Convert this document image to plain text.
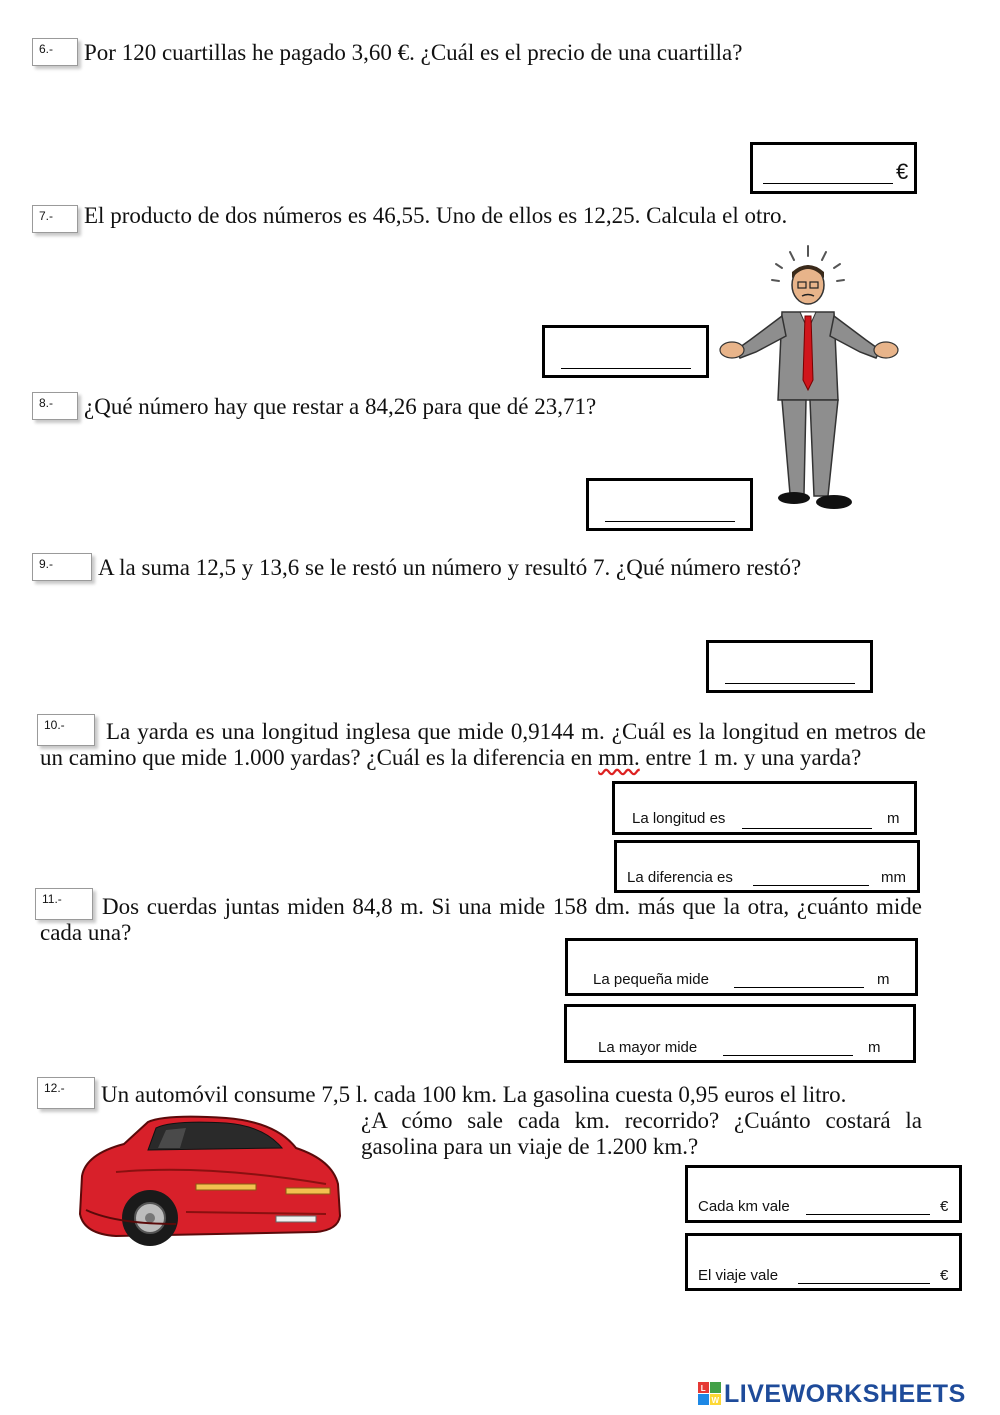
6.-	Por 120 cuartillas he pagado 3,60 €. ¿Cuál es el precio de una cuartilla?
€
7.-	El producto de dos números es 46,55. Uno de ellos es 12,25. Calcula el otro.
8.-	¿Qué número hay que restar a 84,26 para que dé 23,71?
9.-	A la suma 12,5 y 13,6 se le restó un número y resultó 7. ¿Qué número restó?
10.-	La yarda es una longitud inglesa que mide 0,9144 m. ¿Cuál es la longitud en metros de un camino que mide 1.000 yardas? ¿Cuál es la diferencia en mm. entre 1 m. y una yarda?
La longitud es	m
La diferencia es	mm
11.-	Dos cuerdas juntas miden 84,8 m. Si una mide 158 dm. más que la otra, ¿cuánto mide cada una?
La pequeña mide	m
La mayor mide	m
12.-	Un automóvil consume 7,5 l. cada 100 km. La gasolina cuesta 0,95 euros el litro.
¿A cómo sale cada km. recorrido? ¿Cuánto costará la gasolina para un viaje de 1.200 km.?
Cada km vale	€
El viaje vale	€
L
W LIVEWORKSHEETS
